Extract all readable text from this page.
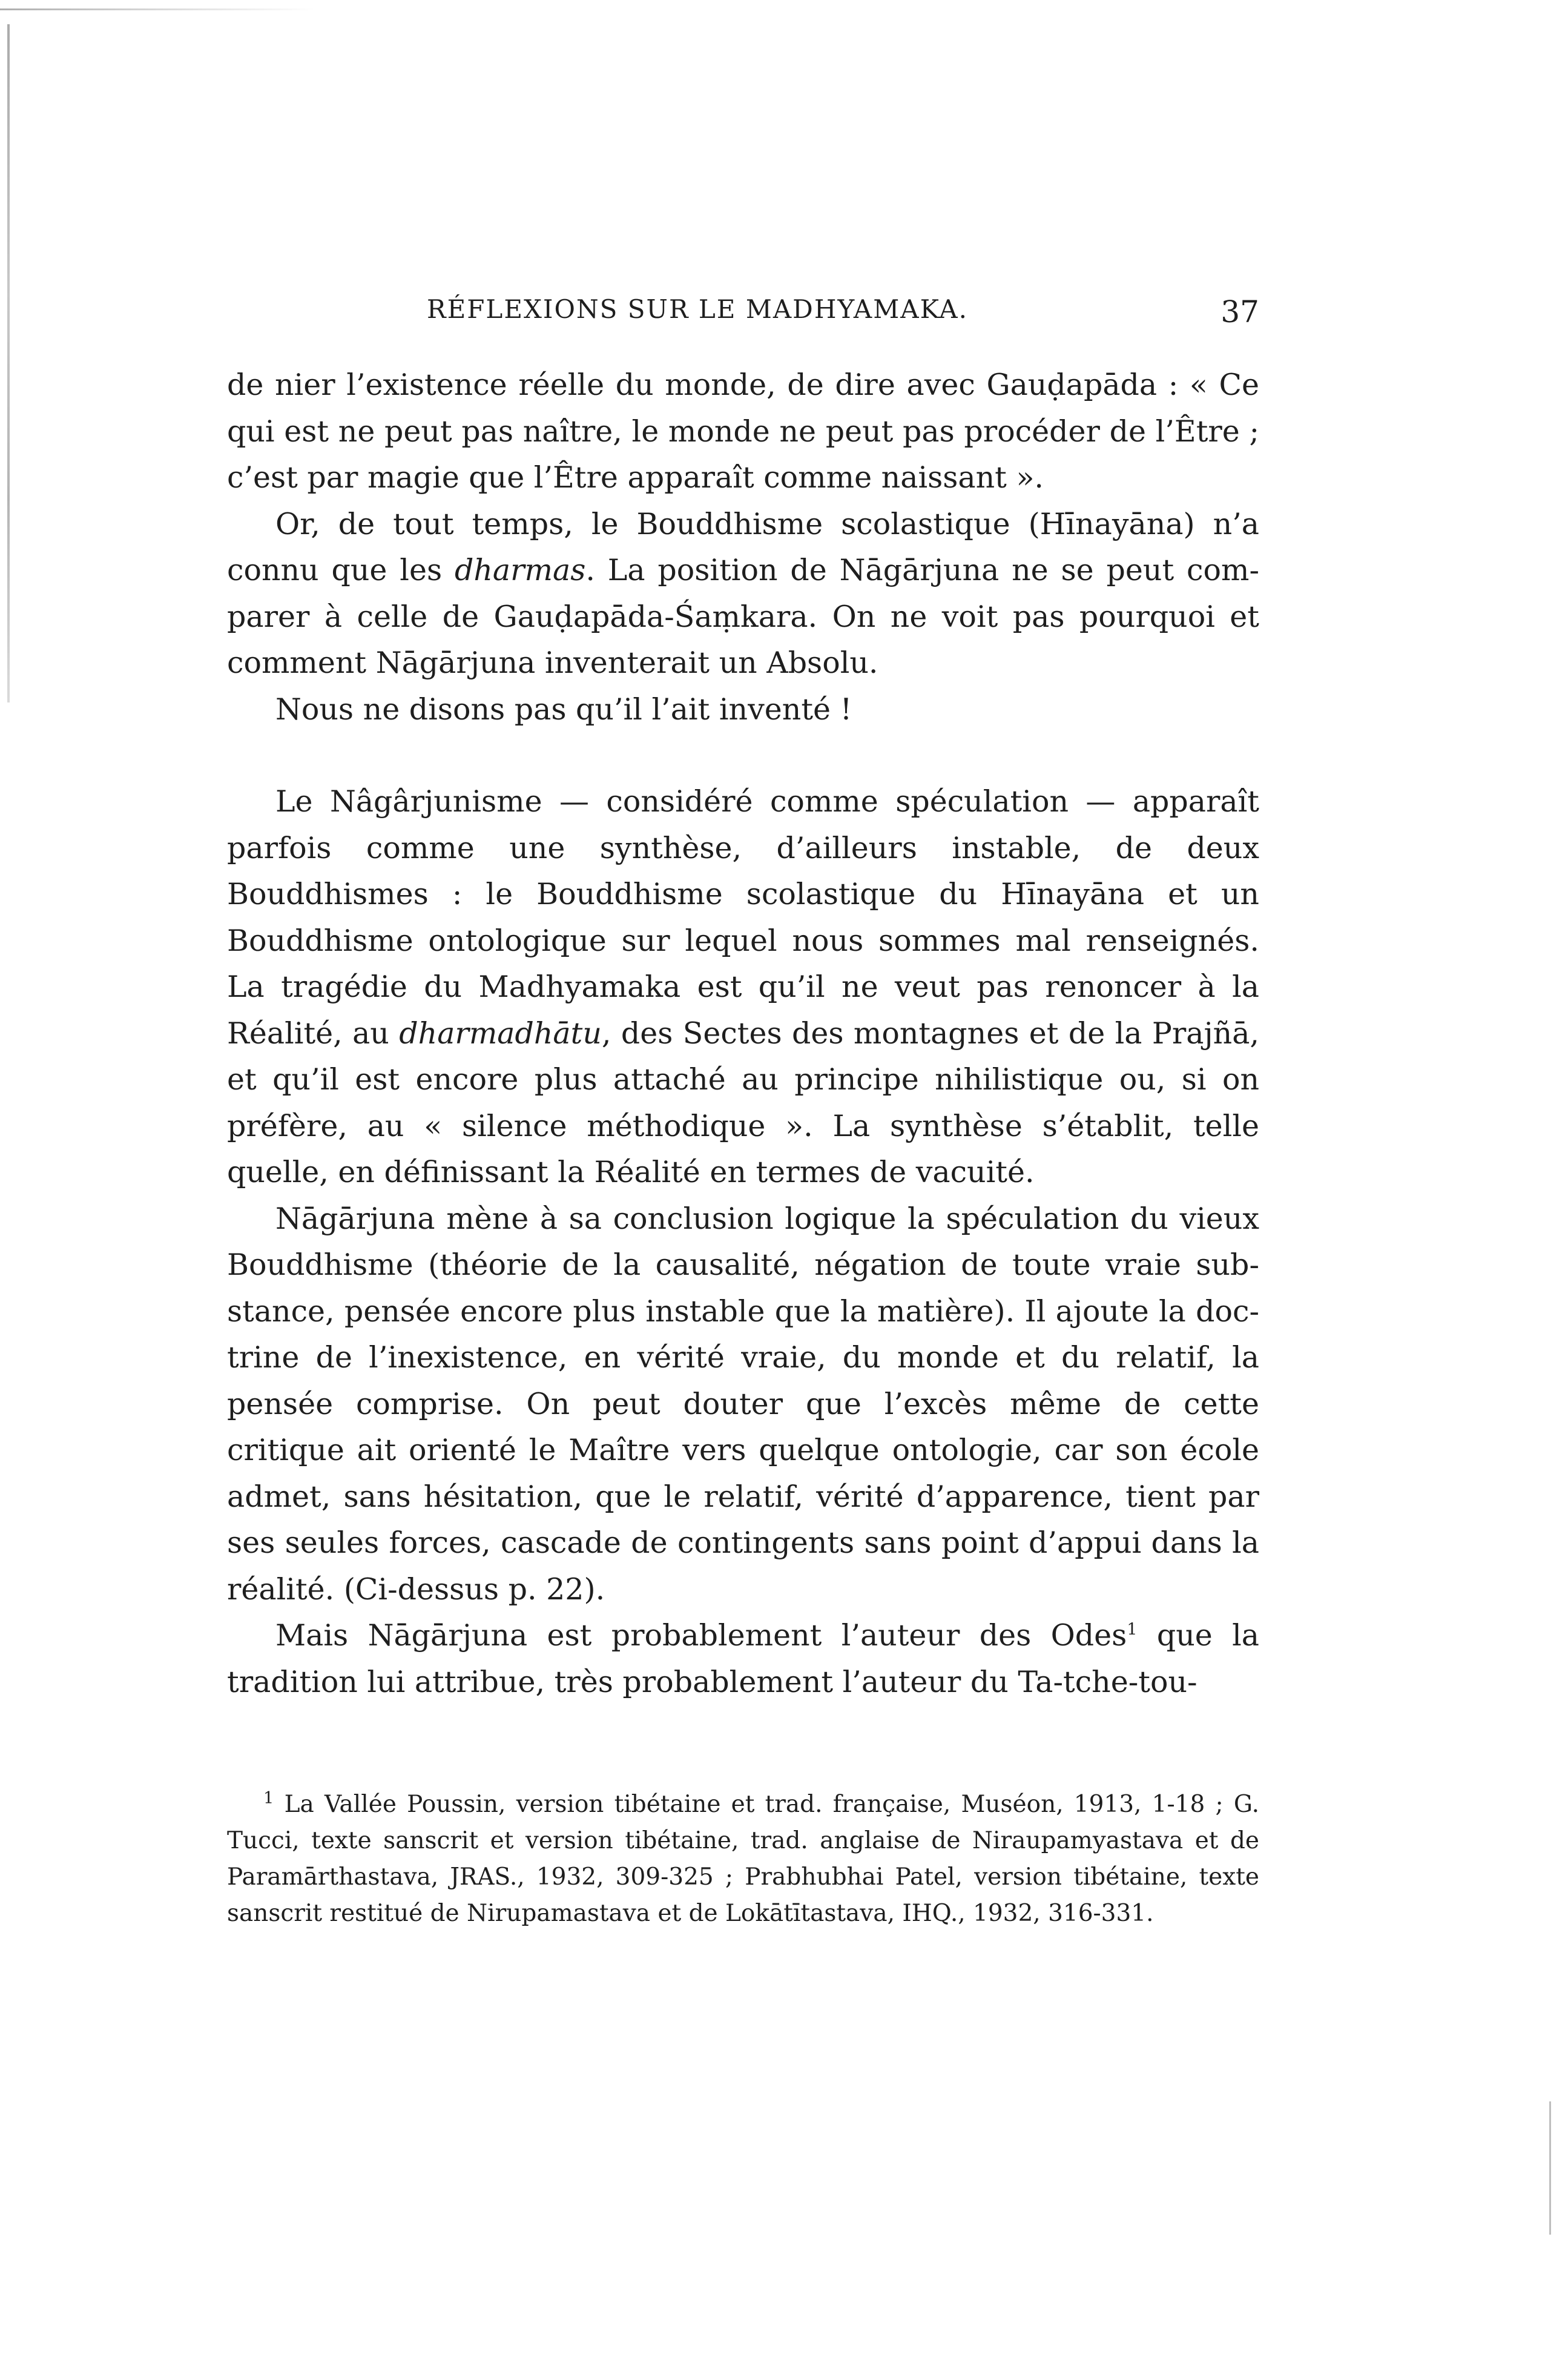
RÉFLEXIONS SUR LE MADHYAMAKA.	37

de nier l’existence réelle du monde, de dire avec Gauḍapāda : « Ce qui est ne peut pas naître, le monde ne peut pas procéder de l’Être ; c’est par magie que l’Être apparaît comme naissant ».

Or, de tout temps, le Bouddhisme scolastique (Hīnayāna) n’a connu que les dharmas. La position de Nāgārjuna ne se peut comparer à celle de Gauḍapāda-Śaṃkara. On ne voit pas pourquoi et comment Nāgārjuna inventerait un Absolu.

Nous ne disons pas qu’il l’ait inventé !

Le Nâgârjunisme — considéré comme spéculation — apparaît parfois comme une synthèse, d’ailleurs instable, de deux Bouddhismes : le Bouddhisme scolastique du Hīnayāna et un Bouddhisme ontologique sur lequel nous sommes mal renseignés. La tragédie du Madhyamaka est qu’il ne veut pas renoncer à la Réalité, au dharmadhātu, des Sectes des montagnes et de la Prajñā, et qu’il est encore plus attaché au principe nihilistique ou, si on préfère, au « silence méthodique ». La synthèse s’établit, telle quelle, en définissant la Réalité en termes de vacuité.

Nāgārjuna mène à sa conclusion logique la spéculation du vieux Bouddhisme (théorie de la causalité, négation de toute vraie substance, pensée encore plus instable que la matière). Il ajoute la doctrine de l’inexistence, en vérité vraie, du monde et du relatif, la pensée comprise. On peut douter que l’excès même de cette critique ait orienté le Maître vers quelque ontologie, car son école admet, sans hésitation, que le relatif, vérité d’apparence, tient par ses seules forces, cascade de contingents sans point d’appui dans la réalité. (Ci-dessus p. 22).

Mais Nāgārjuna est probablement l’auteur des Odes$^1$ que la tradition lui attribue, très probablement l’auteur du Ta-tche-tou-

$^1$ La Vallée Poussin, version tibétaine et trad. française, Muséon, 1913, 1-18 ; G. Tucci, texte sanscrit et version tibétaine, trad. anglaise de Niraupamyastava et de Paramārthastava, JRAS., 1932, 309-325 ; Prabhubhai Patel, version tibétaine, texte sanscrit restitué de Nirupamastava et de Lokātītastava, IHQ., 1932, 316-331.
